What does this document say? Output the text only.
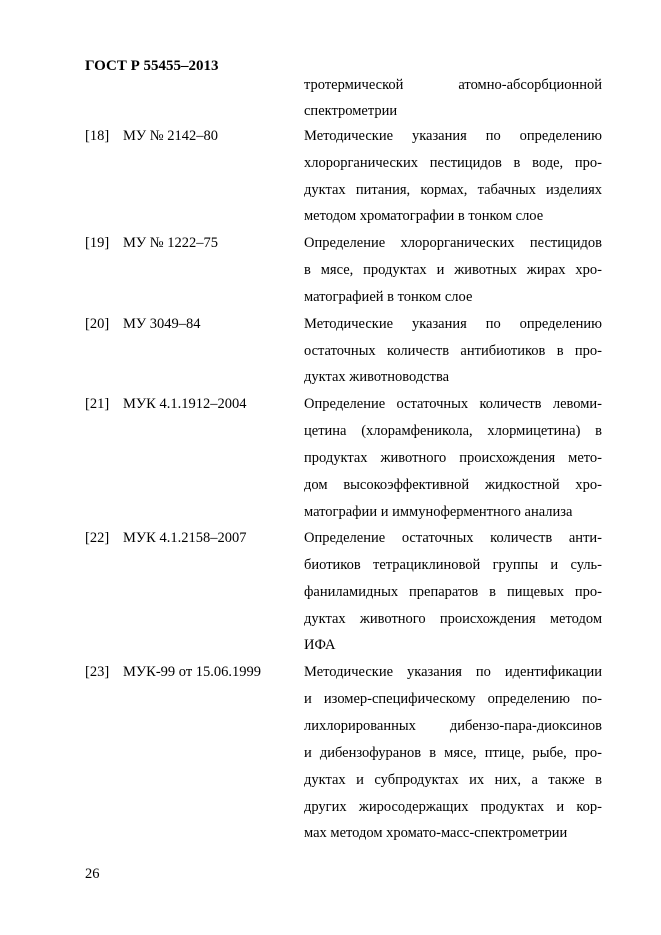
ГОСТ Р 55455–2013
тротермической атомно-абсорбционной
спектрометрии
[18] МУ № 2142–80	Методические указания по определению
хлорорганических пестицидов в воде, про-
дуктах питания, кормах, табачных изделиях
методом хроматографии в тонком слое
[19] МУ № 1222–75	Определение хлорорганических пестицидов
в мясе, продуктах и животных жирах хро-
матографией в тонком слое
[20] МУ 3049–84	Методические указания по определению
остаточных количеств антибиотиков в про-
дуктах животноводства
[21] МУК 4.1.1912–2004	Определение остаточных количеств левоми-
цетина (хлорамфеникола, хлормицетина) в
продуктах животного происхождения мето-
дом высокоэффективной жидкостной хро-
матографии и иммуноферментного анализа
[22] МУК 4.1.2158–2007	Определение остаточных количеств анти-
биотиков тетрациклиновой группы и суль-
фаниламидных препаратов в пищевых про-
дуктах животного происхождения методом
ИФА
[23] МУК-99 от 15.06.1999	Методические указания по идентификации
и изомер-специфическому определению по-
лихлорированных дибензо-пара-диоксинов
и дибензофуранов в мясе, птице, рыбе, про-
дуктах и субпродуктах их них, а также в
других жиросодержащих продуктах и кор-
мах методом хромато-масс-спектрометрии
26
